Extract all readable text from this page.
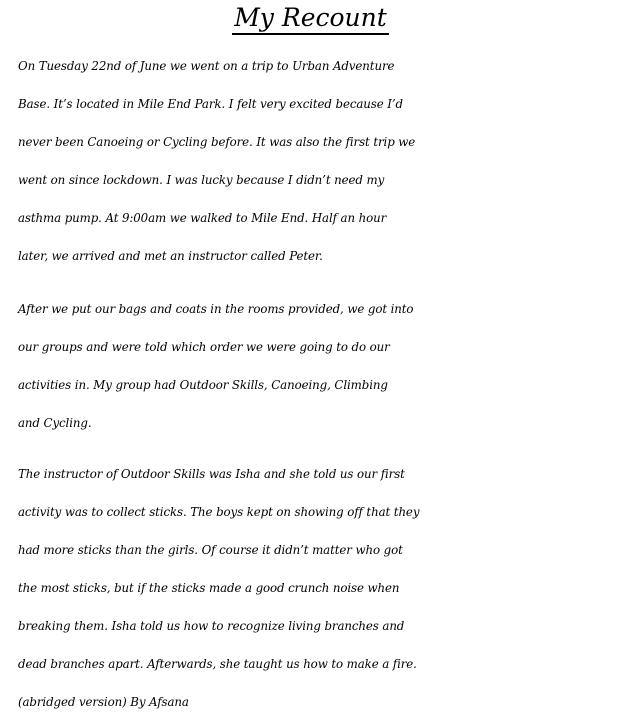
My Recount
On Tuesday 22nd of June we went on a trip to Urban Adventure
Base. It’s located in Mile End Park. I felt very excited because I’d
never been Canoeing or Cycling before. It was also the first trip we
went on since lockdown. I was lucky because I didn’t need my
asthma pump. At 9:00am we walked to Mile End. Half an hour
later, we arrived and met an instructor called Peter.
After we put our bags and coats in the rooms provided, we got into
our groups and were told which order we were going to do our
activities in. My group had Outdoor Skills, Canoeing, Climbing
and Cycling.
The instructor of Outdoor Skills was Isha and she told us our first
activity was to collect sticks. The boys kept on showing off that they
had more sticks than the girls. Of course it didn’t matter who got
the most sticks, but if the sticks made a good crunch noise when
breaking them. Isha told us how to recognize living branches and
dead branches apart. Afterwards, she taught us how to make a fire.
(abridged version) By Afsana
